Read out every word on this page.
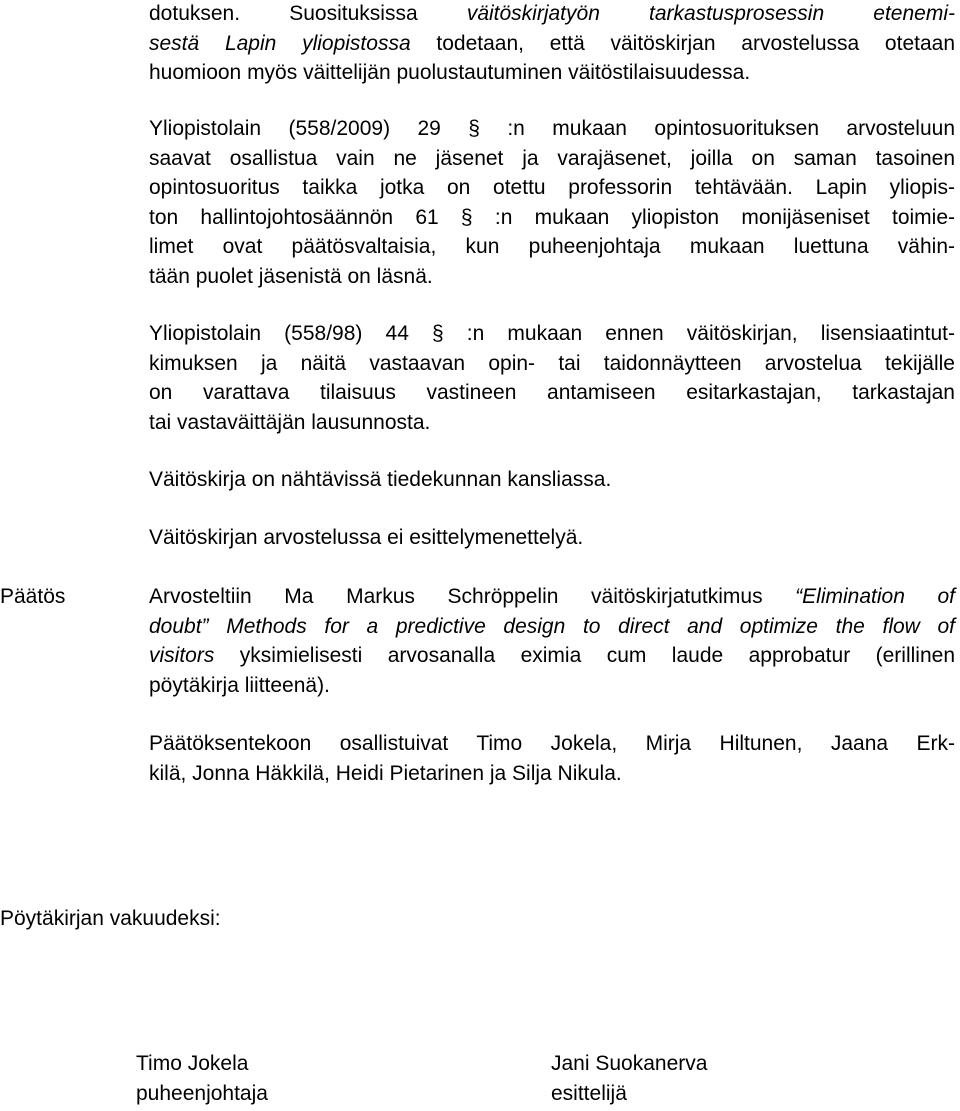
dotuksen. Suosituksissa väitöskirjatyön tarkastusprosessin etenemi-
sestä Lapin yliopistossa todetaan, että väitöskirjan arvostelussa otetaan
huomioon myös väittelijän puolustautuminen väitöstilaisuudessa.
Yliopistolain (558/2009) 29 § :n mukaan opintosuorituksen arvosteluun
saavat osallistua vain ne jäsenet ja varajäsenet, joilla on saman tasoinen
opintosuoritus taikka jotka on otettu professorin tehtävään. Lapin yliopis-
ton hallintojohtosäännön 61 § :n mukaan yliopiston monijäseniset toimie-
limet ovat päätösvaltaisia, kun puheenjohtaja mukaan luettuna vähin-
tään puolet jäsenistä on läsnä.
Yliopistolain (558/98) 44 § :n mukaan ennen väitöskirjan, lisensiaatintut-
kimuksen ja näitä vastaavan opin- tai taidonnäytteen arvostelua tekijälle
on varattava tilaisuus vastineen antamiseen esitarkastajan, tarkastajan
tai vastaväittäjän lausunnosta.
Väitöskirja on nähtävissä tiedekunnan kansliassa.
Väitöskirjan arvostelussa ei esittelymenettelyä.
Päätös	Arvosteltiin Ma Markus Schröppelin väitöskirjatutkimus “Elimination of
doubt” Methods for a predictive design to direct and optimize the flow of
visitors yksimielisesti arvosanalla eximia cum laude approbatur (erillinen
pöytäkirja liitteenä).
Päätöksentekoon osallistuivat Timo Jokela, Mirja Hiltunen, Jaana Erk-
kilä, Jonna Häkkilä, Heidi Pietarinen ja Silja Nikula.
Pöytäkirjan vakuudeksi:
Timo Jokela
puheenjohtaja
Jani Suokanerva
esittelijä
